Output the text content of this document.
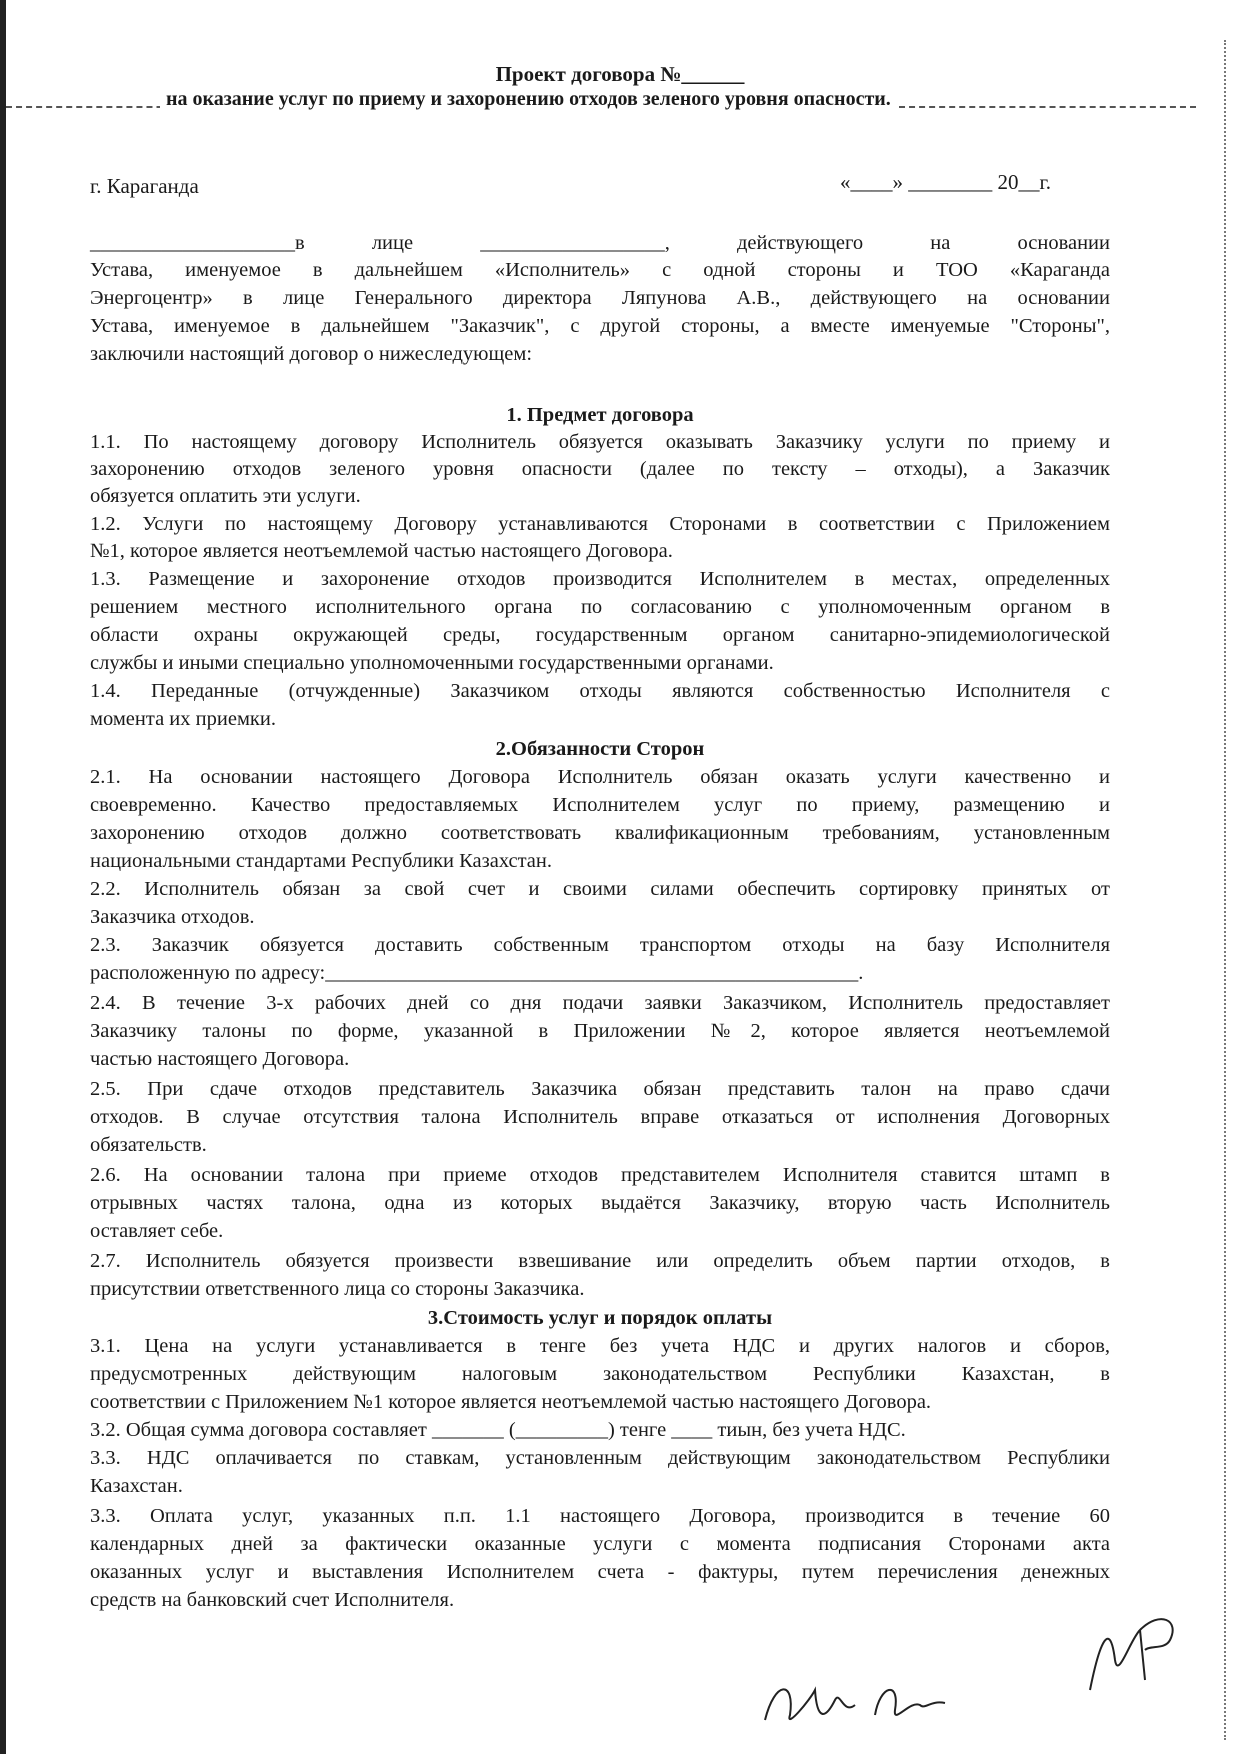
Проект договора №______
на оказание услуг по приему и захоронению отходов зеленого уровня опасности.
г. Караганда	«____» ________ 20__г.
____________________в лице __________________, действующего на основании
Устава, именуемое в дальнейшем «Исполнитель» с одной стороны и ТОО «Караганда
Энергоцентр» в лице Генерального директора Ляпунова А.В., действующего на основании
Устава, именуемое в дальнейшем "Заказчик", с другой стороны, а вместе именуемые "Стороны",
заключили настоящий договор о нижеследующем:
1. Предмет договора
1.1. По настоящему договору Исполнитель обязуется оказывать Заказчику услуги по приему и
захоронению отходов зеленого уровня опасности (далее по тексту – отходы), а Заказчик
обязуется оплатить эти услуги.
1.2. Услуги по настоящему Договору устанавливаются Сторонами в соответствии с Приложением
№1, которое является неотъемлемой частью настоящего Договора.
1.3. Размещение и захоронение отходов производится Исполнителем в местах, определенных
решением местного исполнительного органа по согласованию с уполномоченным органом в
области охраны окружающей среды, государственным органом санитарно-эпидемиологической
службы и иными специально уполномоченными государственными органами.
1.4. Переданные (отчужденные) Заказчиком отходы являются собственностью Исполнителя с
момента их приемки.
2.Обязанности Сторон
2.1. На основании настоящего Договора Исполнитель обязан оказать услуги качественно и
своевременно. Качество предоставляемых Исполнителем услуг по приему, размещению и
захоронению отходов должно соответствовать квалификационным требованиям, установленным
национальными стандартами Республики Казахстан.
2.2. Исполнитель обязан за свой счет и своими силами обеспечить сортировку принятых от
Заказчика отходов.
2.3. Заказчик обязуется доставить собственным транспортом отходы на базу Исполнителя
расположенную по адресу:____________________________________________________.
2.4. В течение 3-х рабочих дней со дня подачи заявки Заказчиком, Исполнитель предоставляет
Заказчику талоны по форме, указанной в Приложении №2, которое является неотъемлемой
частью настоящего Договора.
2.5. При сдаче отходов представитель Заказчика обязан представить талон на право сдачи
отходов. В случае отсутствия талона Исполнитель вправе отказаться от исполнения Договорных
обязательств.
2.6. На основании талона при приеме отходов представителем Исполнителя ставится штамп в
отрывных частях талона, одна из которых выдаётся Заказчику, вторую часть Исполнитель
оставляет себе.
2.7. Исполнитель обязуется произвести взвешивание или определить объем партии отходов, в
присутствии ответственного лица со стороны Заказчика.
3.Стоимость услуг и порядок оплаты
3.1. Цена на услуги устанавливается в тенге без учета НДС и других налогов и сборов,
предусмотренных действующим налоговым законодательством Республики Казахстан, в
соответствии с Приложением №1 которое является неотъемлемой частью настоящего Договора.
3.2. Общая сумма договора составляет _______ (_________) тенге ____ тиын, без учета НДС.
3.3. НДС оплачивается по ставкам, установленным действующим законодательством Республики
Казахстан.
3.3. Оплата услуг, указанных п.п. 1.1 настоящего Договора, производится в течение 60
календарных дней за фактически оказанные услуги с момента подписания Сторонами акта
оказанных услуг и выставления Исполнителем счета - фактуры, путем перечисления денежных
средств на банковский счет Исполнителя.
